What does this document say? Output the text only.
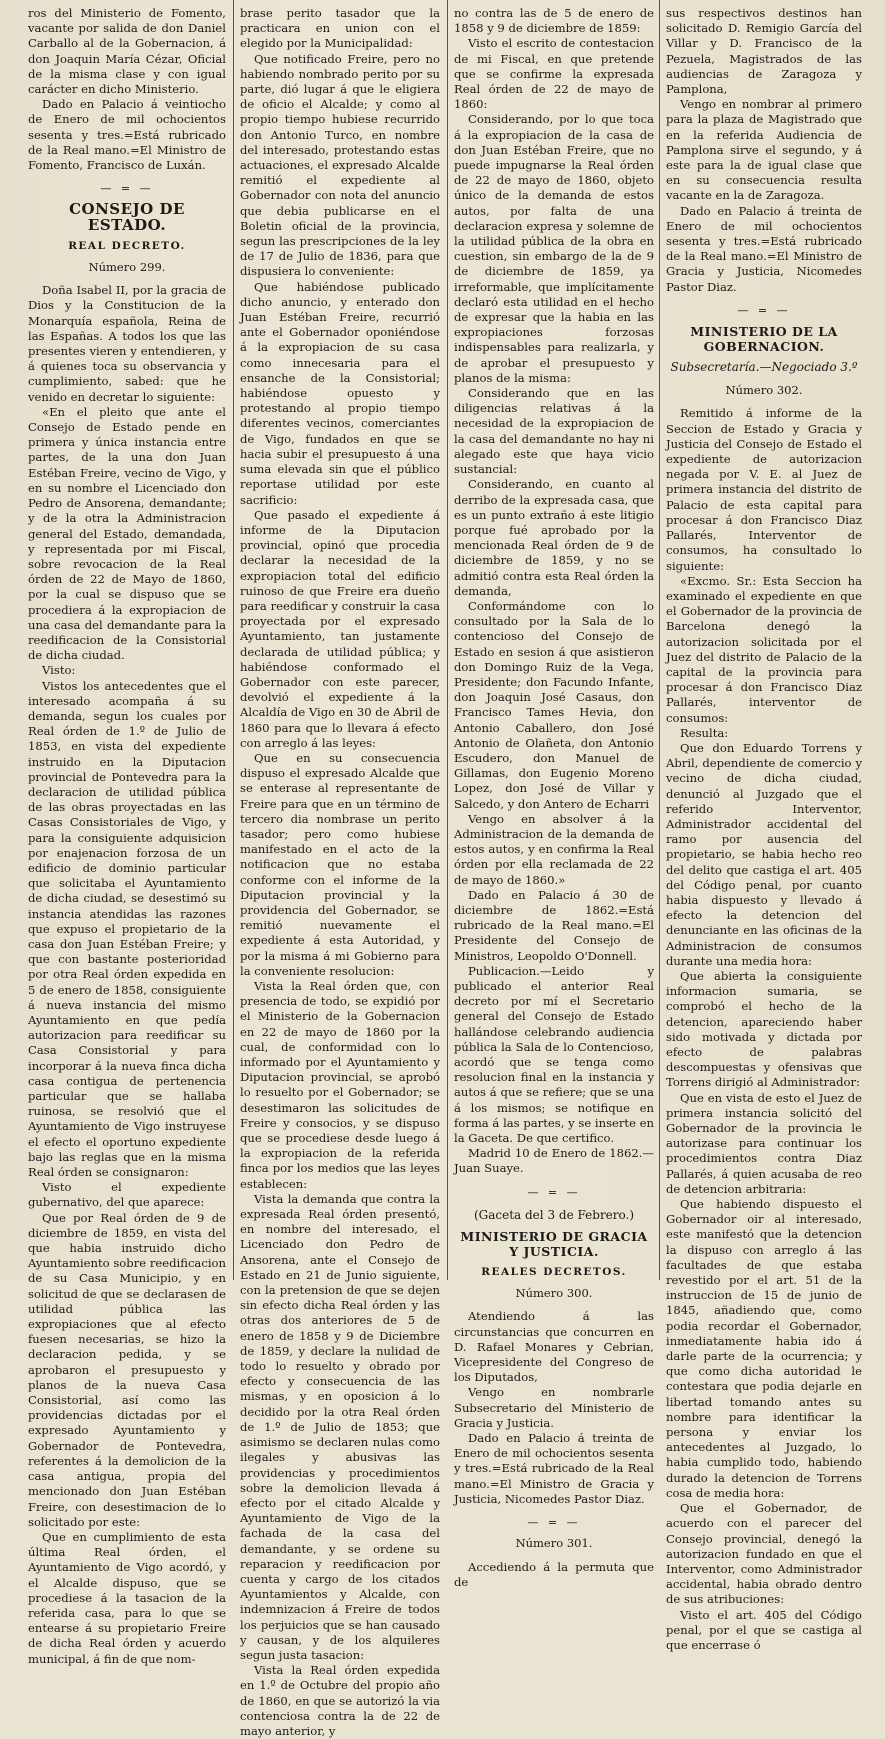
ros del Ministerio de Fomento, vacante por salida de don Daniel Carballo al de la Gobernacion, á don Joaquin María Cézar, Oficial de la misma clase y con igual carácter en dicho Ministerio.

Dado en Palacio á veintiocho de Enero de mil ochocientos sesenta y tres.=Está rubricado de la Real mano.=El Ministro de Fomento, Francisco de Luxán.

— = —
CONSEJO DE ESTADO.
REAL DECRETO.
Número 299.

Doña Isabel II, por la gracia de Dios y la Constitucion de la Monarquía española, Reina de las Españas. A todos los que las presentes vieren y entendieren, y á quienes toca su observancia y cumplimiento, sabed: que he venido en decretar lo siguiente:

«En el pleito que ante el Consejo de Estado pende en primera y única instancia entre partes, de la una don Juan Estéban Freire, vecino de Vigo, y en su nombre el Licenciado don Pedro de Ansorena, demandante; y de la otra la Administracion general del Estado, demandada, y representada por mi Fiscal, sobre revocacion de la Real órden de 22 de Mayo de 1860, por la cual se dispuso que se procediera á la expropiacion de una casa del demandante para la reedificacion de la Consistorial de dicha ciudad.

Visto:

Vistos los antecedentes que el interesado acompaña á su demanda, segun los cuales por Real órden de 1.º de Julio de 1853, en vista del expediente instruido en la Diputacion provincial de Pontevedra para la declaracion de utilidad pública de las obras proyectadas en las Casas Consistoriales de Vigo, y para la consiguiente adquisicion por enajenacion forzosa de un edificio de dominio particular que solicitaba el Ayuntamiento de dicha ciudad, se desestimó su instancia atendidas las razones que expuso el propietario de la casa don Juan Estéban Freire; y que con bastante posterioridad por otra Real órden expedida en 5 de enero de 1858, consiguiente á nueva instancia del mismo Ayuntamiento en que pedía autorizacion para reedificar su Casa Consistorial y para incorporar á la nueva finca dicha casa contigua de pertenencia particular que se hallaba ruinosa, se resolvió que el Ayuntamiento de Vigo instruyese el efecto el oportuno expediente bajo las reglas que en la misma Real órden se consignaron:

Visto el expediente gubernativo, del que aparece:

Que por Real órden de 9 de diciembre de 1859, en vista del que habia instruido dicho Ayuntamiento sobre reedificacion de su Casa Municipio, y en solicitud de que se declarasen de utilidad pública las expropiaciones que al efecto fuesen necesarias, se hizo la declaracion pedida, y se aprobaron el presupuesto y planos de la nueva Casa Consistorial, así como las providencias dictadas por el expresado Ayuntamiento y Gobernador de Pontevedra, referentes á la demolicion de la casa antigua, propia del mencionado don Juan Estéban Freire, con desestimacion de lo solicitado por este:

Que en cumplimiento de esta última Real órden, el Ayuntamiento de Vigo acordó, y el Alcalde dispuso, que se procediese á la tasacion de la referida casa, para lo que se entearse á su propietario Freire de dicha Real órden y acuerdo municipal, á fin de que nom-

brase perito tasador que la practicara en union con el elegido por la Municipalidad:

Que notificado Freire, pero no habiendo nombrado perito por su parte, dió lugar á que le eligiera de oficio el Alcalde; y como al propio tiempo hubiese recurrido don Antonio Turco, en nombre del interesado, protestando estas actuaciones, el expresado Alcalde remitió el expediente al Gobernador con nota del anuncio que debia publicarse en el Boletin oficial de la provincia, segun las prescripciones de la ley de 17 de Julio de 1836, para que dispusiera lo conveniente:

Que habiéndose publicado dicho anuncio, y enterado don Juan Estéban Freire, recurrió ante el Gobernador oponiéndose á la expropiacion de su casa como innecesaria para el ensanche de la Consistorial; habiéndose opuesto y protestando al propio tiempo diferentes vecinos, comerciantes de Vigo, fundados en que se hacia subir el presupuesto á una suma elevada sin que el público reportase utilidad por este sacrificio:

Que pasado el expediente á informe de la Diputacion provincial, opinó que procedia declarar la necesidad de la expropiacion total del edificio ruinoso de que Freire era dueño para reedificar y construir la casa proyectada por el expresado Ayuntamiento, tan justamente declarada de utilidad pública; y habiéndose conformado el Gobernador con este parecer, devolvió el expediente á la Alcaldía de Vigo en 30 de Abril de 1860 para que lo llevara á efecto con arreglo á las leyes:

Que en su consecuencia dispuso el expresado Alcalde que se enterase al representante de Freire para que en un término de tercero dia nombrase un perito tasador; pero como hubiese manifestado en el acto de la notificacion que no estaba conforme con el informe de la Diputacion provincial y la providencia del Gobernador, se remitió nuevamente el expediente á esta Autoridad, y por la misma á mi Gobierno para la conveniente resolucion:

Vista la Real órden que, con presencia de todo, se expidió por el Ministerio de la Gobernacion en 22 de mayo de 1860 por la cual, de conformidad con lo informado por el Ayuntamiento y Diputacion provincial, se aprobó lo resuelto por el Gobernador; se desestimaron las solicitudes de Freire y consocios, y se dispuso que se procediese desde luego á la expropiacion de la referida finca por los medios que las leyes establecen:

Vista la demanda que contra la expresada Real órden presentó, en nombre del interesado, el Licenciado don Pedro de Ansorena, ante el Consejo de Estado en 21 de Junio siguiente, con la pretension de que se dejen sin efecto dicha Real órden y las otras dos anteriores de 5 de enero de 1858 y 9 de Diciembre de 1859, y declare la nulidad de todo lo resuelto y obrado por efecto y consecuencia de las mismas, y en oposicion á lo decidido por la otra Real órden de 1.º de Julio de 1853; que asimismo se declaren nulas como ilegales y abusivas las providencias y procedimientos sobre la demolicion llevada á efecto por el citado Alcalde y Ayuntamiento de Vigo de la fachada de la casa del demandante, y se ordene su reparacion y reedificacion por cuenta y cargo de los citados Ayuntamientos y Alcalde, con indemnizacion á Freire de todos los perjuicios que se han causado y causan, y de los alquileres segun justa tasacion:

Vista la Real órden expedida en 1.º de Octubre del propio año de 1860, en que se autorizó la via contenciosa contra la de 22 de mayo anterior, y

no contra las de 5 de enero de 1858 y 9 de diciembre de 1859:

Visto el escrito de contestacion de mi Fiscal, en que pretende que se confirme la expresada Real órden de 22 de mayo de 1860:

Considerando, por lo que toca á la expropiacion de la casa de don Juan Estéban Freire, que no puede impugnarse la Real órden de 22 de mayo de 1860, objeto único de la demanda de estos autos, por falta de una declaracion expresa y solemne de la utilidad pública de la obra en cuestion, sin embargo de la de 9 de diciembre de 1859, ya irreformable, que implícitamente declaró esta utilidad en el hecho de expresar que la habia en las expropiaciones forzosas indispensables para realizarla, y de aprobar el presupuesto y planos de la misma:

Considerando que en las diligencias relativas á la necesidad de la expropiacion de la casa del demandante no hay ni alegado este que haya vicio sustancial:

Considerando, en cuanto al derribo de la expresada casa, que es un punto extraño á este litigio porque fué aprobado por la mencionada Real órden de 9 de diciembre de 1859, y no se admitió contra esta Real órden la demanda,

Conformándome con lo consultado por la Sala de lo contencioso del Consejo de Estado en sesion á que asistieron don Domingo Ruiz de la Vega, Presidente; don Facundo Infante, don Joaquin José Casaus, don Francisco Tames Hevia, don Antonio Caballero, don José Antonio de Olañeta, don Antonio Escudero, don Manuel de Gillamas, don Eugenio Moreno Lopez, don José de Villar y Salcedo, y don Antero de Echarri

Vengo en absolver á la Administracion de la demanda de estos autos, y en confirma la Real órden por ella reclamada de 22 de mayo de 1860.»

Dado en Palacio á 30 de diciembre de 1862.=Está rubricado de la Real mano.=El Presidente del Consejo de Ministros, Leopoldo O'Donnell.

Publicacion.—Leido y publicado el anterior Real decreto por mí el Secretario general del Consejo de Estado hallándose celebrando audiencia pública la Sala de lo Contencioso, acordó que se tenga como resolucion final en la instancia y autos á que se refiere; que se una á los mismos; se notifique en forma á las partes, y se inserte en la Gaceta. De que certifico.

Madrid 10 de Enero de 1862.—Juan Suaye.

— = —
(Gaceta del 3 de Febrero.)
MINISTERIO DE GRACIA Y JUSTICIA.
REALES DECRETOS.
Número 300.

Atendiendo á las circunstancias que concurren en D. Rafael Monares y Cebrian, Vicepresidente del Congreso de los Diputados,

Vengo en nombrarle Subsecretario del Ministerio de Gracia y Justicia.

Dado en Palacio á treinta de Enero de mil ochocientos sesenta y tres.=Está rubricado de la Real mano.=El Ministro de Gracia y Justicia, Nicomedes Pastor Diaz.

— = —
Número 301.

Accediendo á la permuta que de

sus respectivos destinos han solicitado D. Remigio García del Villar y D. Francisco de la Pezuela, Magistrados de las audiencias de Zaragoza y Pamplona,

Vengo en nombrar al primero para la plaza de Magistrado que en la referida Audiencia de Pamplona sirve el segundo, y á este para la de igual clase que en su consecuencia resulta vacante en la de Zaragoza.

Dado en Palacio á treinta de Enero de mil ochocientos sesenta y tres.=Está rubricado de la Real mano.=El Ministro de Gracia y Justicia, Nicomedes Pastor Diaz.

— = —
MINISTERIO DE LA GOBERNACION.
Subsecretaría.—Negociado 3.º
Número 302.

Remitido á informe de la Seccion de Estado y Gracia y Justicia del Consejo de Estado el expediente de autorizacion negada por V. E. al Juez de primera instancia del distrito de Palacio de esta capital para procesar á don Francisco Diaz Pallarés, Interventor de consumos, ha consultado lo siguiente:

«Excmo. Sr.: Esta Seccion ha examinado el expediente en que el Gobernador de la provincia de Barcelona denegó la autorizacion solicitada por el Juez del distrito de Palacio de la capital de la provincia para procesar á don Francisco Diaz Pallarés, interventor de consumos:

Resulta:

Que don Eduardo Torrens y Abril, dependiente de comercio y vecino de dicha ciudad, denunció al Juzgado que el referido Interventor, Administrador accidental del ramo por ausencia del propietario, se habia hecho reo del delito que castiga el art. 405 del Código penal, por cuanto habia dispuesto y llevado á efecto la detencion del denunciante en las oficinas de la Administracion de consumos durante una media hora:

Que abierta la consiguiente informacion sumaria, se comprobó el hecho de la detencion, apareciendo haber sido motivada y dictada por efecto de palabras descompuestas y ofensivas que Torrens dirigió al Administrador:

Que en vista de esto el Juez de primera instancia solicitó del Gobernador de la provincia le autorizase para continuar los procedimientos contra Diaz Pallarés, á quien acusaba de reo de detencion arbitraria:

Que habiendo dispuesto el Gobernador oir al interesado, este manifestó que la detencion la dispuso con arreglo á las facultades de que estaba revestido por el art. 51 de la instruccion de 15 de junio de 1845, añadiendo que, como podia recordar el Gobernador, inmediatamente habia ido á darle parte de la ocurrencia; y que como dicha autoridad le contestara que podia dejarle en libertad tomando antes su nombre para identificar la persona y enviar los antecedentes al Juzgado, lo habia cumplido todo, habiendo durado la detencion de Torrens cosa de media hora:

Que el Gobernador, de acuerdo con el parecer del Consejo provincial, denegó la autorizacion fundado en que el Interventor, como Administrador accidental, habia obrado dentro de sus atribuciones:

Visto el art. 405 del Código penal, por el que se castiga al que encerrase ó
